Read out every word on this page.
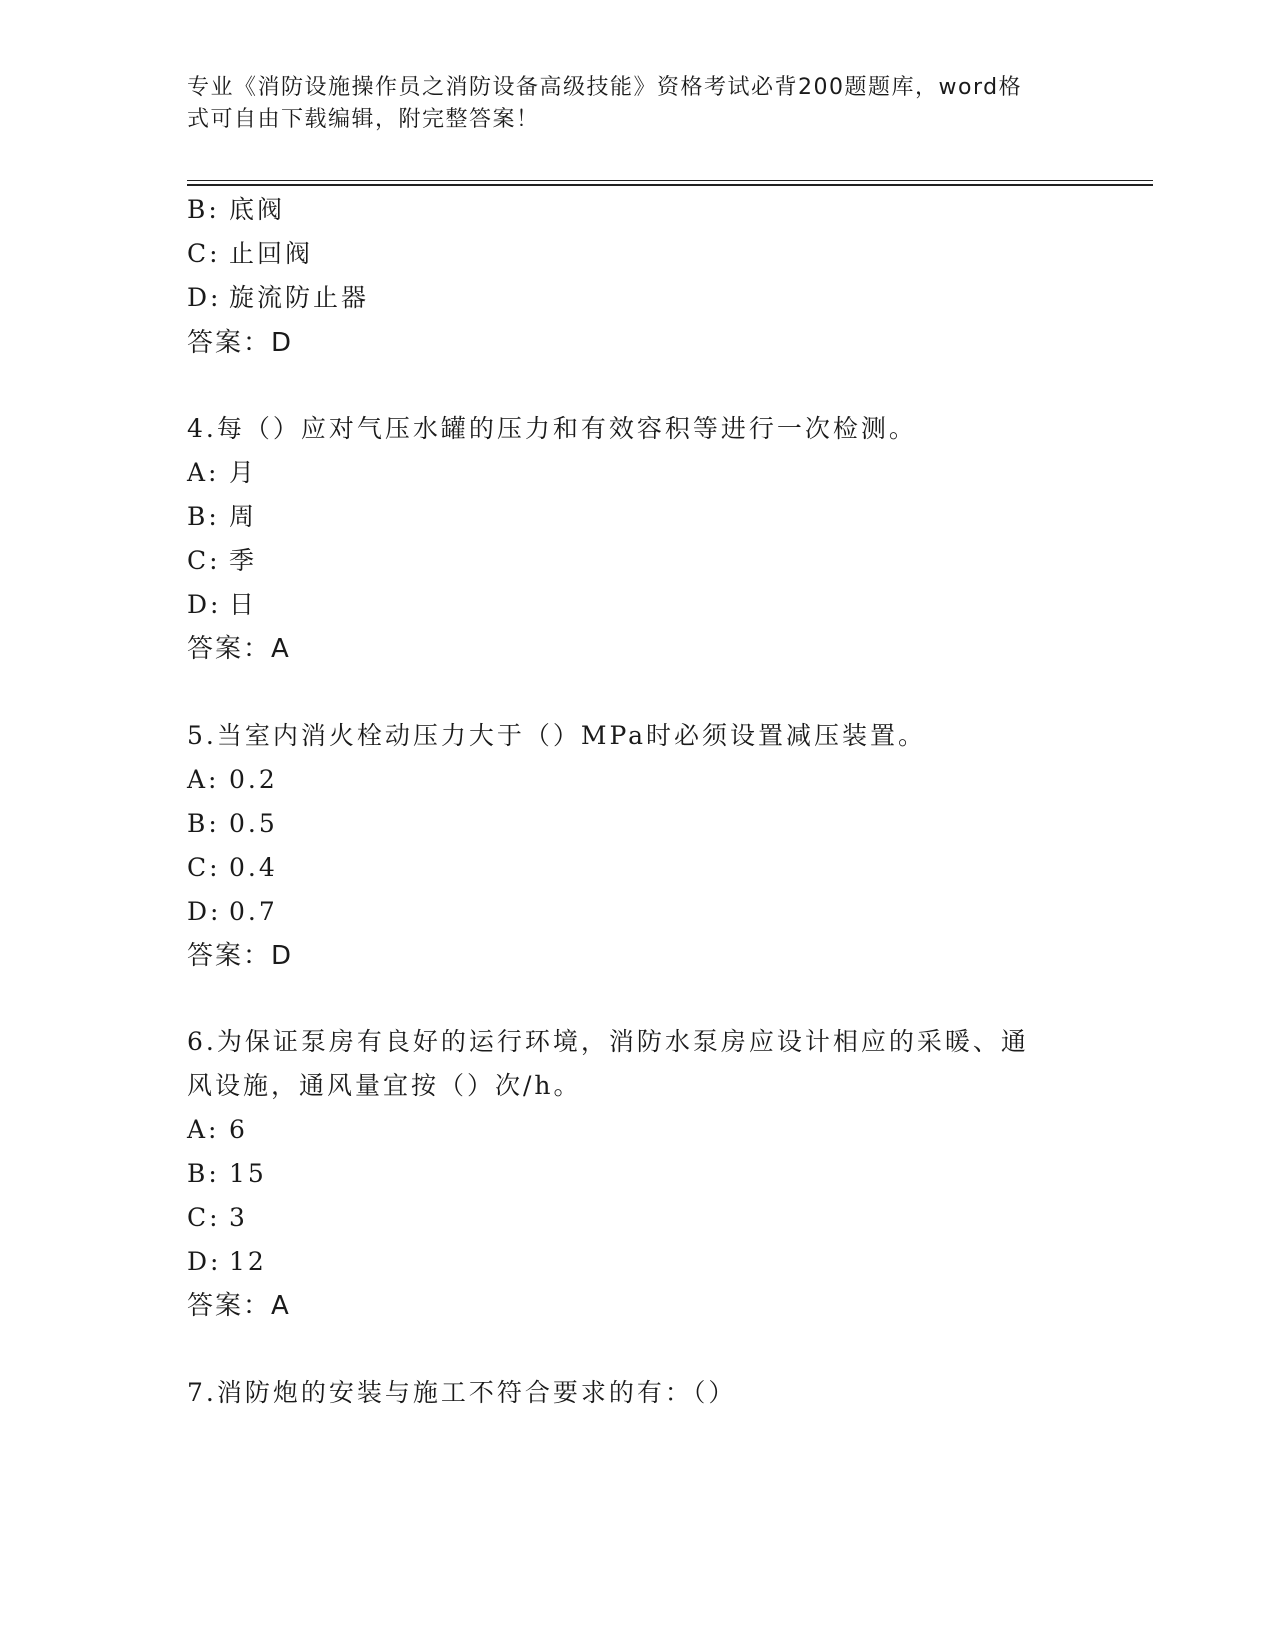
专业《消防设施操作员之消防设备高级技能》资格考试必背200题题库，word格
式可自由下载编辑，附完整答案！
B: 底阀
C: 止回阀
D: 旋流防止器
答案：D
4.每（）应对气压水罐的压力和有效容积等进行一次检测。
A: 月
B: 周
C: 季
D: 日
答案：A
5.当室内消火栓动压力大于（）MPa时必须设置减压装置。
A: 0.2
B: 0.5
C: 0.4
D: 0.7
答案：D
6.为保证泵房有良好的运行环境，消防水泵房应设计相应的采暖、通
风设施，通风量宜按（）次/h。
A: 6
B: 15
C: 3
D: 12
答案：A
7.消防炮的安装与施工不符合要求的有：（）
